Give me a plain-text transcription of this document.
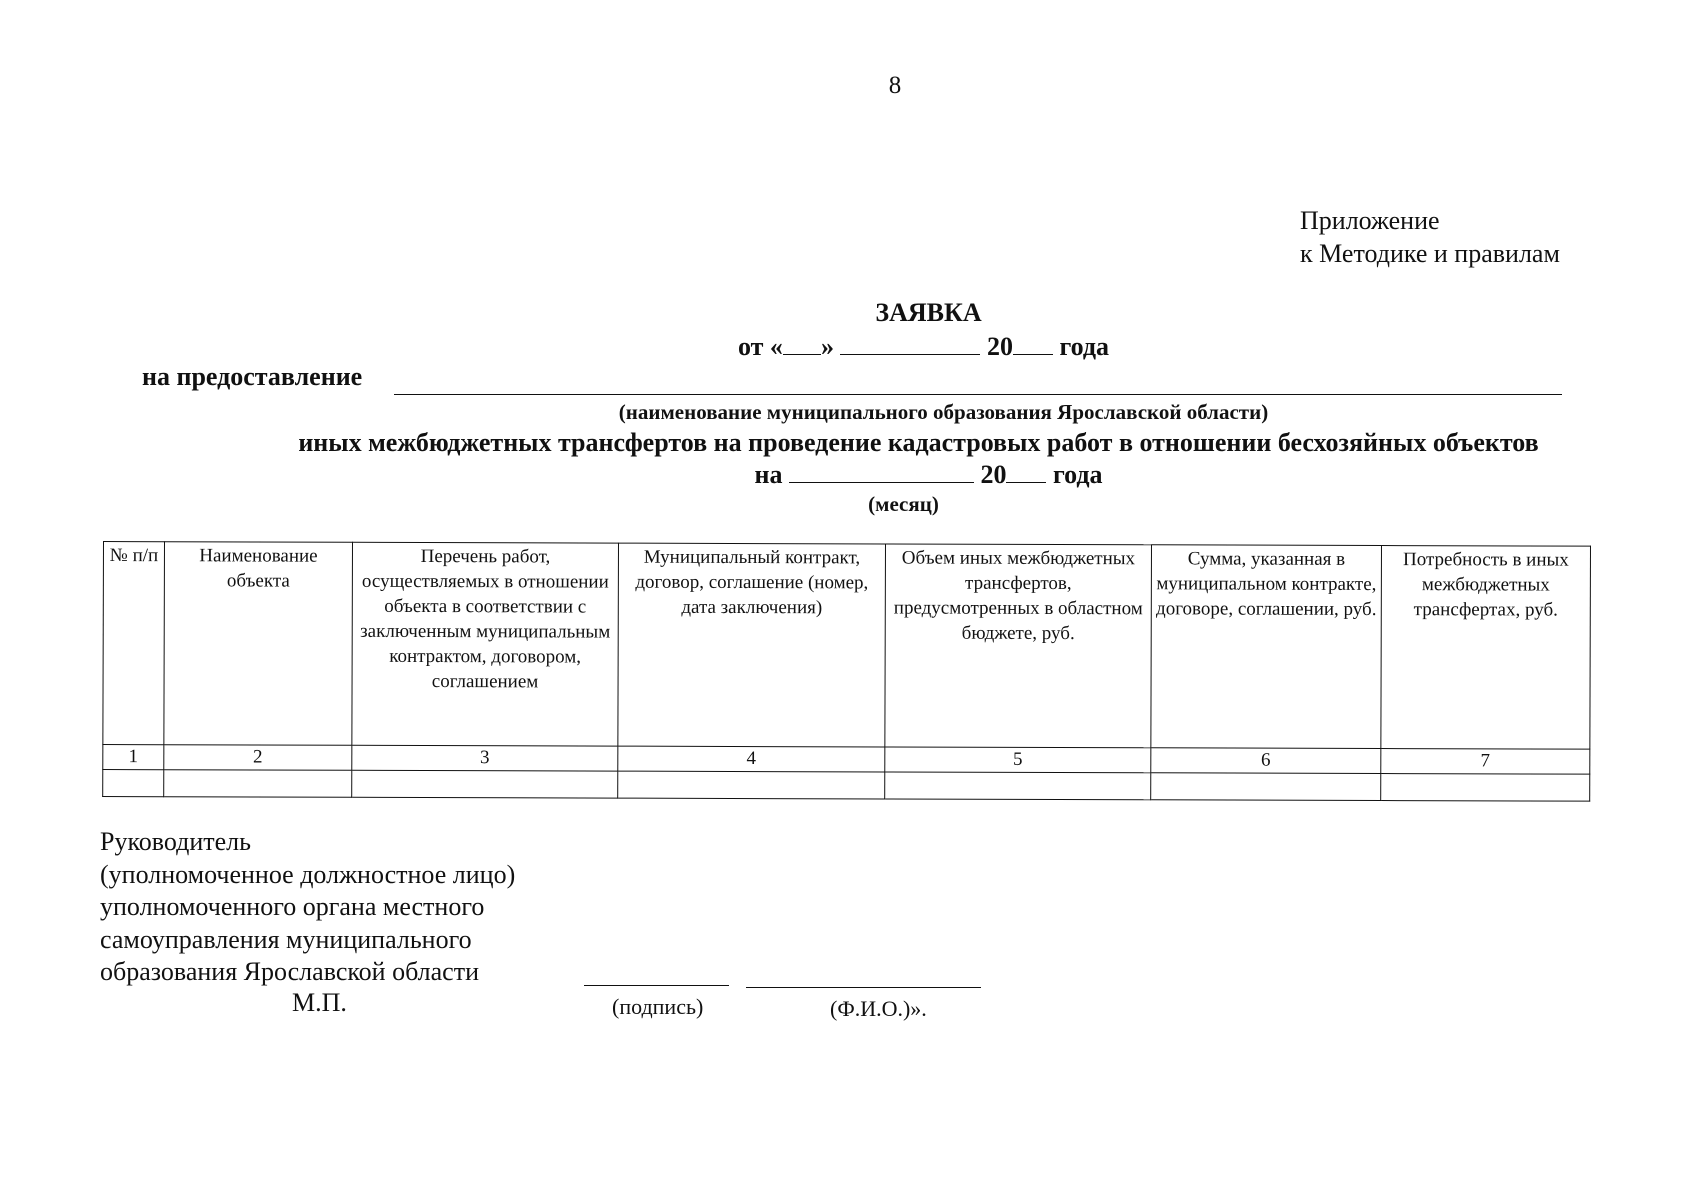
8
Приложение
к Методике и правилам
ЗАЯВКА
от « »	20 года
на предоставление
(наименование муниципального образования Ярославской области)
иных межбюджетных трансфертов на проведение кадастровых работ в отношении бесхозяйных объектов
на	20 года
(месяц)
№ п/п	Наименование объекта	Перечень работ, осуществляемых в отношении объекта в соответствии с заключенным муниципальным контрактом, договором, соглашением	Муниципальный контракт, договор, соглашение (номер, дата заключения)	Объем иных межбюджетных трансфертов, предусмотренных в областном бюджете, руб.	Сумма, указанная в муниципальном контракте, договоре, соглашении, руб.	Потребность в иных межбюджетных трансфертах, руб.
1	2	3	4	5	6	7

Руководитель
(уполномоченное должностное лицо)
уполномоченного органа местного
самоуправления муниципального
образования Ярославской области
М.П.	(подпись)	(Ф.И.О.)».
